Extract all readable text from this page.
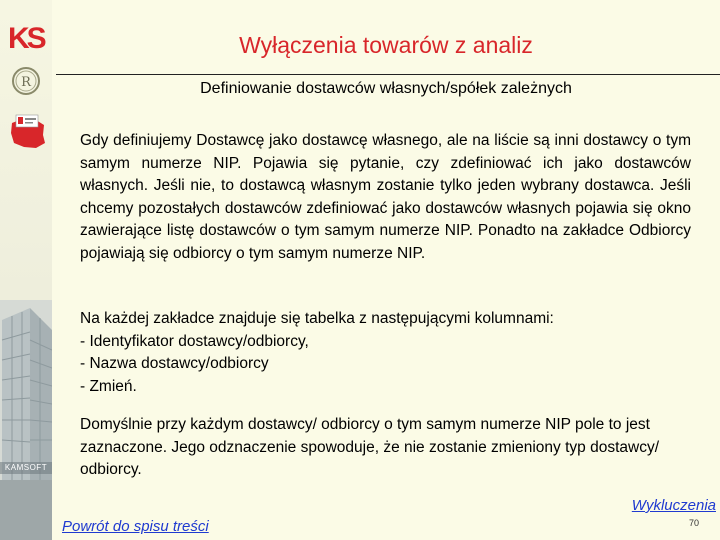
KS
R
KAMSOFT
Wyłączenia towarów z analiz
Definiowanie dostawców własnych/spółek zależnych

Gdy definiujemy Dostawcę jako dostawcę własnego, ale na liście są inni dostawcy o tym samym numerze NIP. Pojawia się pytanie, czy zdefiniować ich jako dostawców własnych. Jeśli nie, to dostawcą własnym zostanie tylko jeden wybrany dostawca. Jeśli chcemy pozostałych dostawców zdefiniować jako dostawców własnych pojawia się okno zawierające listę dostawców o tym samym numerze NIP. Ponadto na zakładce Odbiorcy pojawiają się odbiorcy o tym samym numerze NIP.

Na każdej zakładce znajduje się tabelka z następującymi kolumnami:
- Identyfikator dostawcy/odbiorcy,
- Nazwa dostawcy/odbiorcy
- Zmień.

Domyślnie przy każdym dostawcy/ odbiorcy o tym samym numerze NIP pole to jest zaznaczone. Jego odznaczenie spowoduje, że nie zostanie zmieniony typ dostawcy/ odbiorcy.

Wykluczenia
Powrót do spisu treści	70
